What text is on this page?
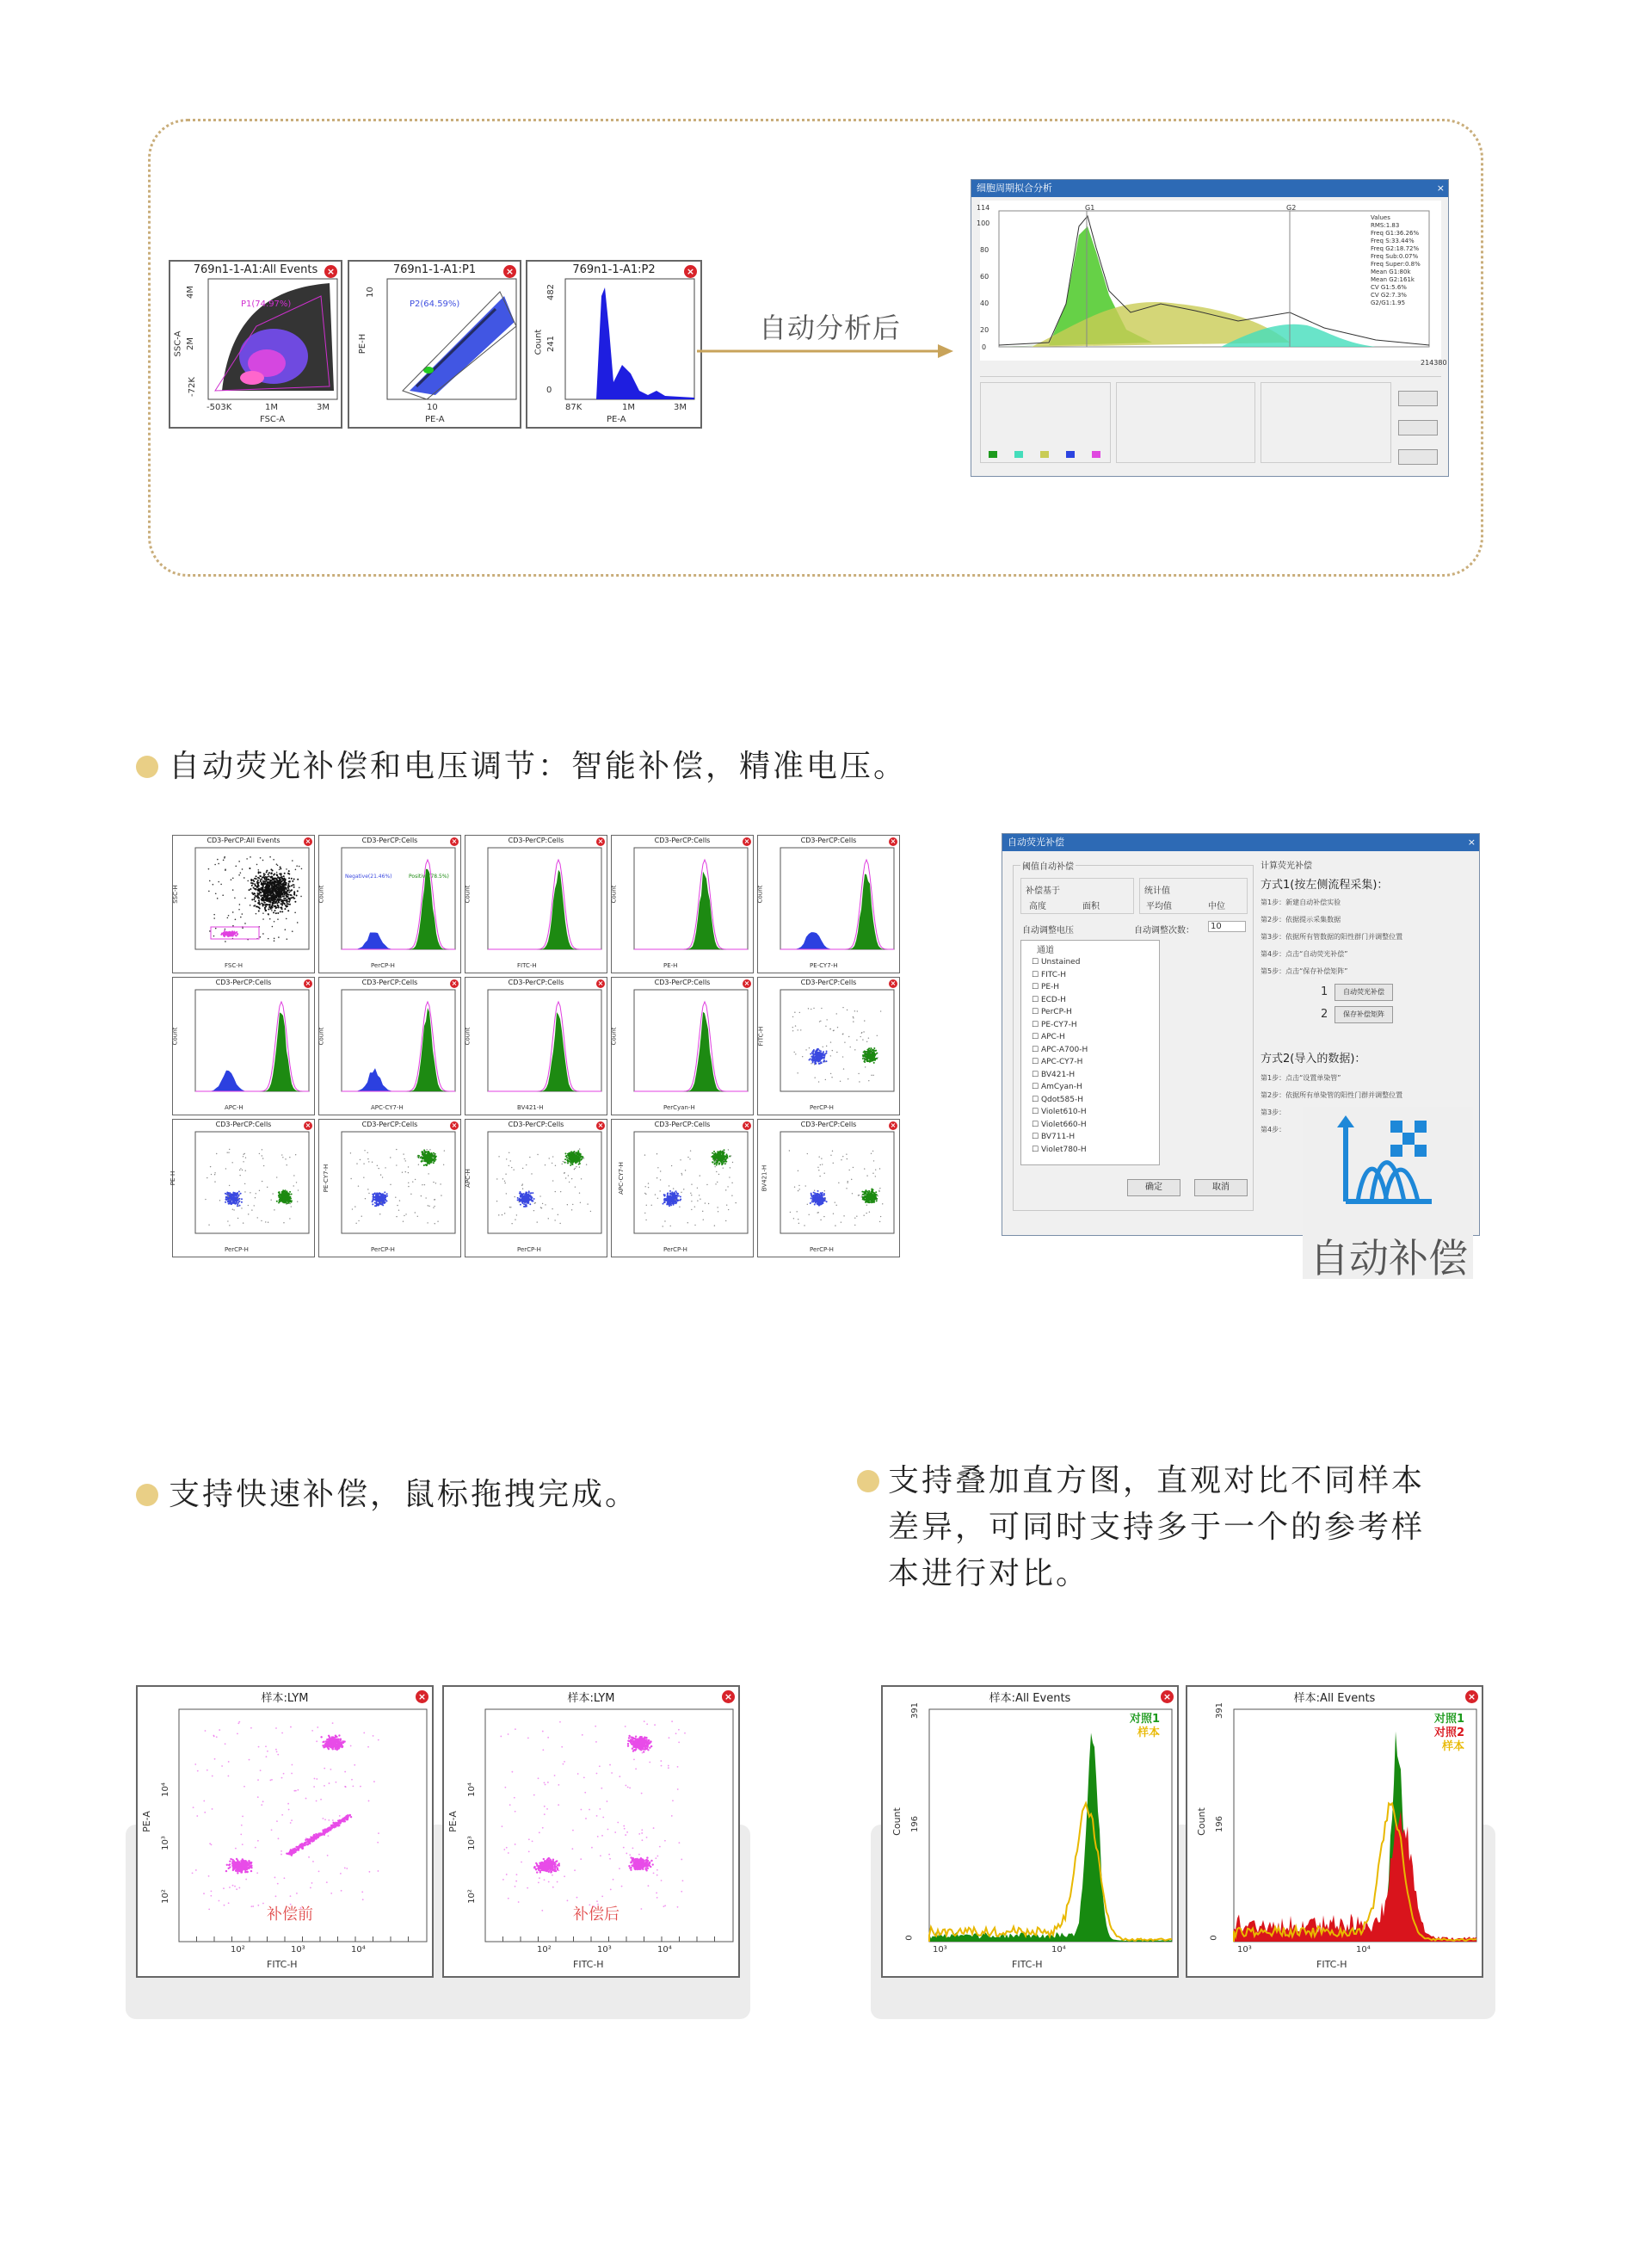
769n1-1-A1:All Events ×
P1(74.97%)
SSC-A
4M
2M
-72K
-503K	1M	3M
FSC-A
769n1-1-A1:P1	×
P2(64.59%)
PE-H
10
10
PE-A
769n1-1-A1:P2	×
Count
482
241
0
87K	1M	3M
PE-A
自动分析后
细胞周期拟合分析	×
114
100
80
60
40
20
0
G1	G2
214380
Values
RMS:1.83
Freq G1:36.26%
Freq S:33.44%
Freq G2:18.72%
Freq Sub:0.07%
Freq Super:0.8%
Mean G1:80k
Mean G2:161k
CV G1:5.6%
CV G2:7.3%
G2/G1:1.95
自动荧光补偿和电压调节：智能补偿，精准电压。
CD3-PerCP:All Events	×
FSC-H
SSC-H
CD3-PerCP:Cells	×
PerCP-H
Count
Negative(21.46%)	Positive(78.5%)
CD3-PerCP:Cells	×
FITC-H
Count
CD3-PerCP:Cells	×
PE-H
Count
CD3-PerCP:Cells	×
PE-CY7-H
Count
CD3-PerCP:Cells	×
APC-H
Count
CD3-PerCP:Cells	×
APC-CY7-H
Count
CD3-PerCP:Cells	×
BV421-H
Count
CD3-PerCP:Cells	×
PerCyan-H
Count
CD3-PerCP:Cells	×
PerCP-H
FITC-H
CD3-PerCP:Cells	×
PerCP-H
PE-H
CD3-PerCP:Cells	×
PerCP-H
PE-CY7-H
CD3-PerCP:Cells	×
PerCP-H
APC-H
CD3-PerCP:Cells	×
PerCP-H
APC-CY7-H
CD3-PerCP:Cells	×
PerCP-H
BV421-H
自动荧光补偿	×
阈值自动补偿
补偿基于
高度	面积
统计值
平均值	中位
自动调整电压	自动调整次数：	10
通道
☐ Unstained
☐ FITC-H
☐ PE-H
☐ ECD-H
☐ PerCP-H
☐ PE-CY7-H
☐ APC-H
☐ APC-A700-H
☐ APC-CY7-H
☐ BV421-H
☐ AmCyan-H
☐ Qdot585-H
☐ Violet610-H
☐ Violet660-H
☐ BV711-H
☐ Violet780-H
确定	取消
计算荧光补偿
方式1(按左侧流程采集)：
第1步：新建自动补偿实验
第2步：依据提示采集数据
第3步：依据所有管数据的阳性群门并调整位置
第4步：点击“自动荧光补偿”
第5步：点击“保存补偿矩阵”
1	自动荧光补偿
2	保存补偿矩阵
方式2(导入的数据)：
第1步：点击“设置单染管”
第2步：依据所有单染管的阳性门群并调整位置
第3步：
第4步：
自动补偿
支持快速补偿，鼠标拖拽完成。
样本:LYM	×
FITC-H
PE-A
10²
10²
10³
10³
10⁴
10⁴
补偿前
样本:LYM	×
FITC-H
PE-A
10²
10²
10³
10³
10⁴
10⁴
补偿后
支持叠加直方图，直观对比不同样本
差异，可同时支持多于一个的参考样
本进行对比。
样本:All Events	×
FITC-H
Count
0
196
391
10³	10⁴
对照1
样本
样本:All Events	×
FITC-H
Count
0
196
391
10³	10⁴
对照1
对照2
样本
